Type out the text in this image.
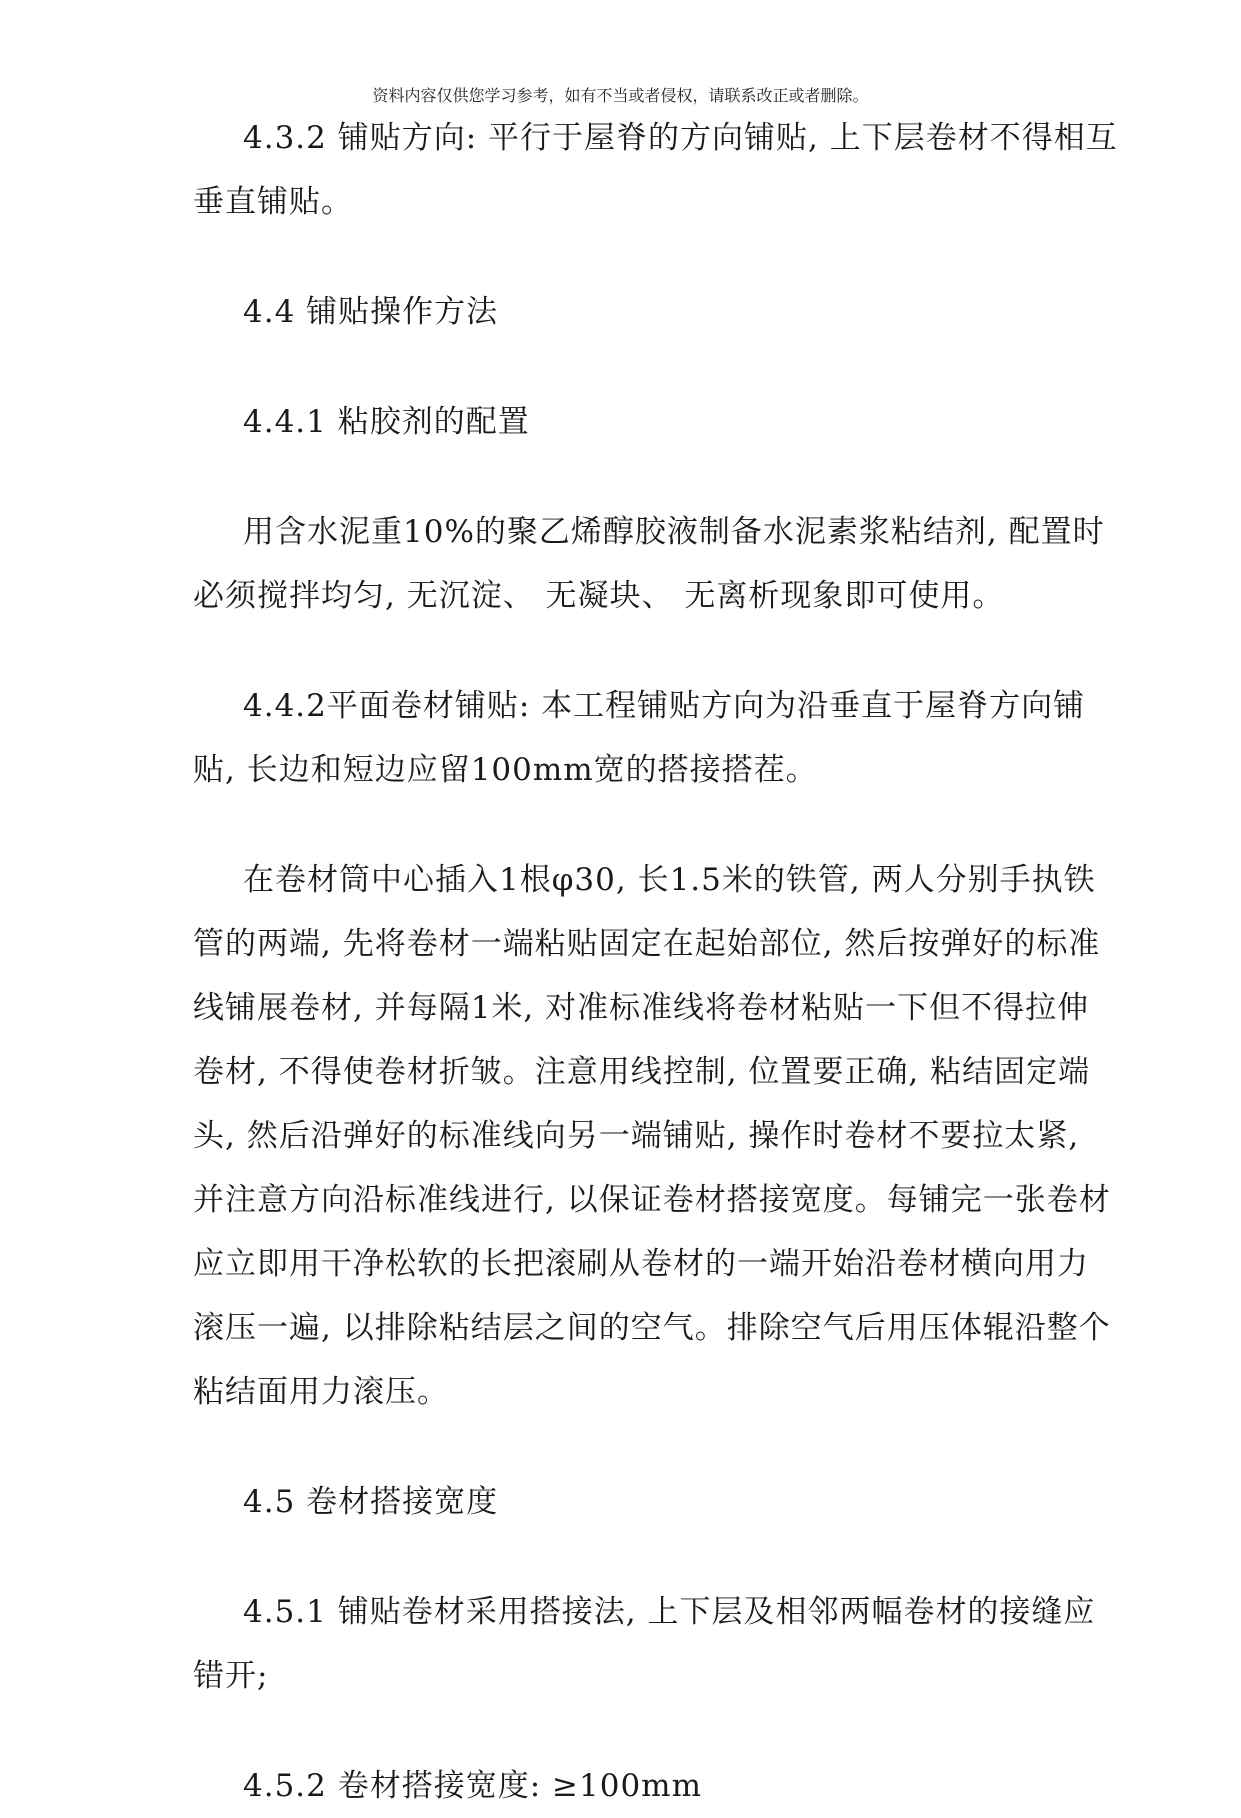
资料内容仅供您学习参考，如有不当或者侵权，请联系改正或者删除。

4.3.2 铺贴方向: 平行于屋脊的方向铺贴, 上下层卷材不得相互垂直铺贴。

4.4 铺贴操作方法

4.4.1 粘胶剂的配置

用含水泥重10%的聚乙烯醇胶液制备水泥素浆粘结剂, 配置时必须搅拌均匀, 无沉淀、 无凝块、 无离析现象即可使用。

4.4.2平面卷材铺贴: 本工程铺贴方向为沿垂直于屋脊方向铺贴, 长边和短边应留100mm宽的搭接搭茬。

在卷材筒中心插入1根φ30, 长1.5米的铁管, 两人分别手执铁管的两端, 先将卷材一端粘贴固定在起始部位, 然后按弹好的标准线铺展卷材, 并每隔1米, 对准标准线将卷材粘贴一下但不得拉伸卷材, 不得使卷材折皱。注意用线控制, 位置要正确, 粘结固定端头, 然后沿弹好的标准线向另一端铺贴, 操作时卷材不要拉太紧, 并注意方向沿标准线进行, 以保证卷材搭接宽度。每铺完一张卷材应立即用干净松软的长把滚刷从卷材的一端开始沿卷材横向用力滚压一遍, 以排除粘结层之间的空气。排除空气后用压体辊沿整个粘结面用力滚压。

4.5 卷材搭接宽度

4.5.1 铺贴卷材采用搭接法, 上下层及相邻两幅卷材的接缝应错开;

4.5.2 卷材搭接宽度: ≥100mm
